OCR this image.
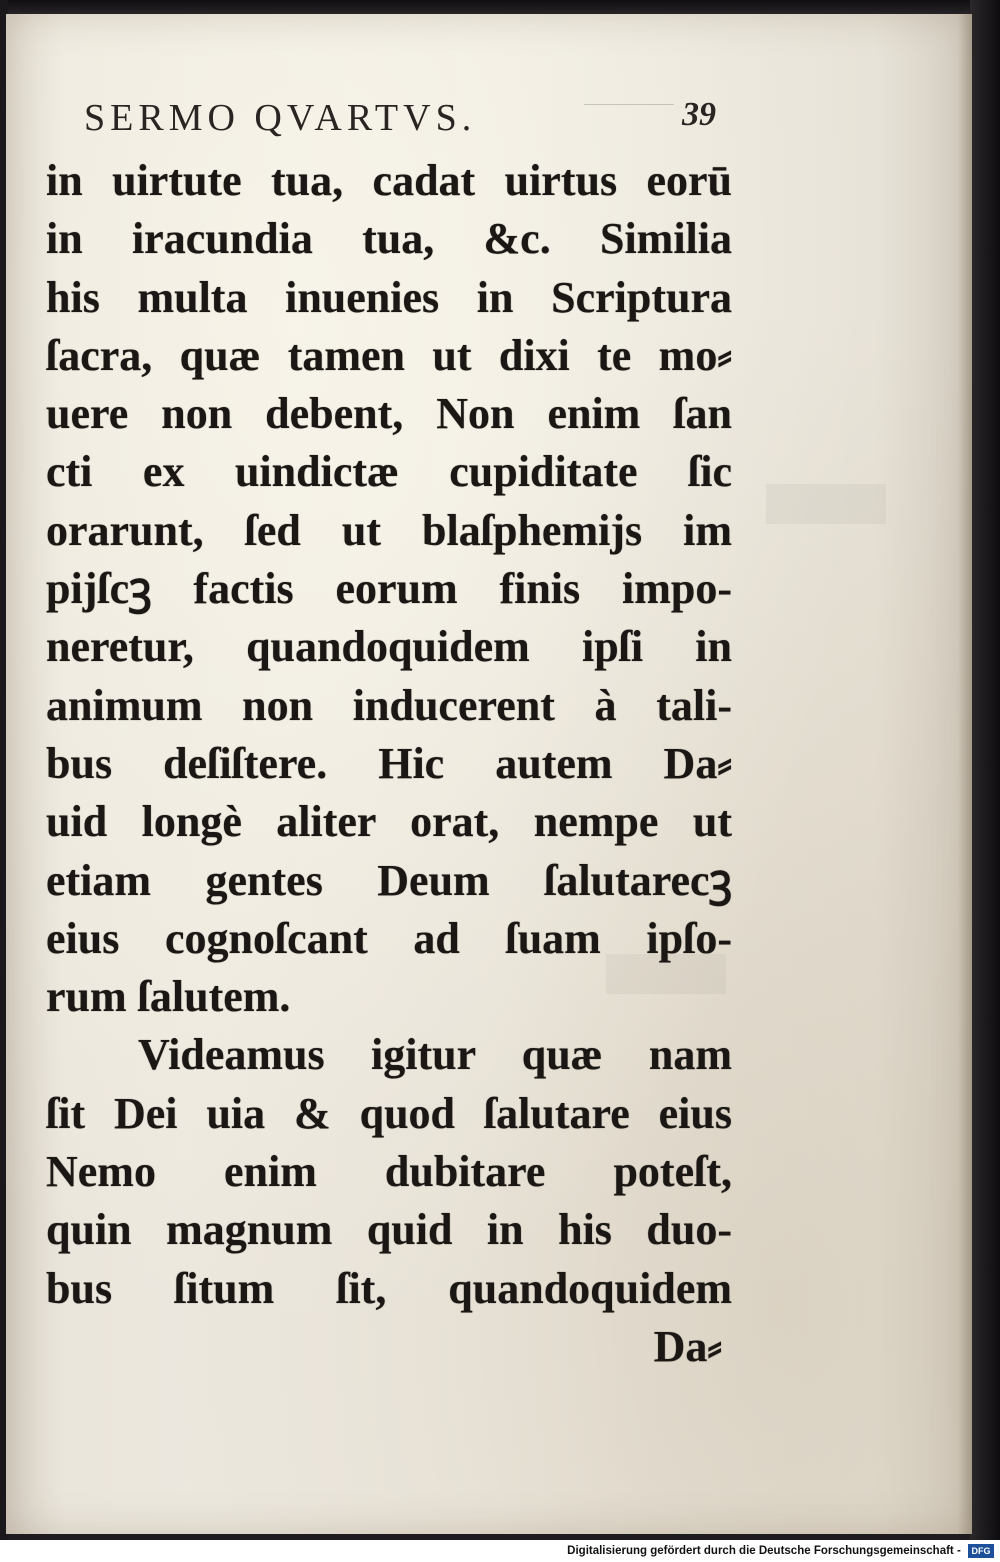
SERMO QVARTVS.	39
in uirtute tua, cadat uirtus eorū
in iracundia tua, &c. Similia
his multa inuenies in Scriptura
ſacra, quæ tamen ut dixi te mo⸗
uere non debent, Non enim ſan
cti ex uindictæ cupiditate ſic
orarunt, ſed ut blaſphemijs im
pijſcꝫ factis eorum finis impo-
neretur, quandoquidem ipſi in
animum non inducerent à tali-
bus deſiſtere. Hic autem Da⸗
uid longè aliter orat, nempe ut
etiam gentes Deum ſalutarecꝫ
eius cognoſcant ad ſuam ipſo-
rum ſalutem.
Videamus igitur quæ nam
ſit Dei uia & quod ſalutare eius
Nemo enim dubitare poteſt,
quin magnum quid in his duo-
bus ſitum ſit, quandoquidem
Da⸗
Digitalisierung gefördert durch die Deutsche Forschungsgemeinschaft - DFG
